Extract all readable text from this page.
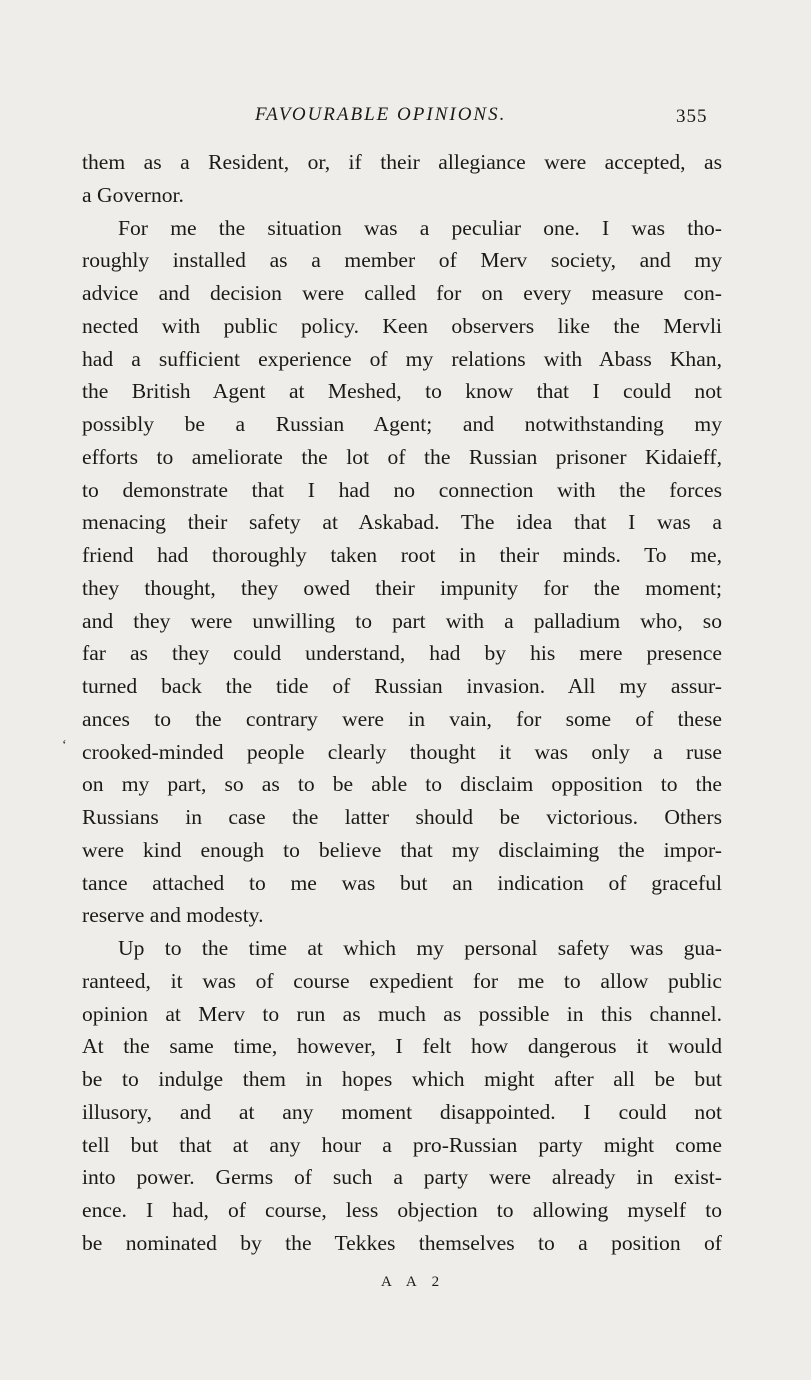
FAVOURABLE OPINIONS.	355
‘
them as a Resident, or, if their allegiance were accepted, as
a Governor.
For me the situation was a peculiar one. I was tho-
roughly installed as a member of Merv society, and my
advice and decision were called for on every measure con-
nected with public policy. Keen observers like the Mervli
had a sufficient experience of my relations with Abass Khan,
the British Agent at Meshed, to know that I could not
possibly be a Russian Agent; and notwithstanding my
efforts to ameliorate the lot of the Russian prisoner Kidaieff,
to demonstrate that I had no connection with the forces
menacing their safety at Askabad. The idea that I was a
friend had thoroughly taken root in their minds. To me,
they thought, they owed their impunity for the moment;
and they were unwilling to part with a palladium who, so
far as they could understand, had by his mere presence
turned back the tide of Russian invasion. All my assur-
ances to the contrary were in vain, for some of these
crooked-minded people clearly thought it was only a ruse
on my part, so as to be able to disclaim opposition to the
Russians in case the latter should be victorious. Others
were kind enough to believe that my disclaiming the impor-
tance attached to me was but an indication of graceful
reserve and modesty.
Up to the time at which my personal safety was gua-
ranteed, it was of course expedient for me to allow public
opinion at Merv to run as much as possible in this channel.
At the same time, however, I felt how dangerous it would
be to indulge them in hopes which might after all be but
illusory, and at any moment disappointed. I could not
tell but that at any hour a pro-Russian party might come
into power. Germs of such a party were already in exist-
ence. I had, of course, less objection to allowing myself to
be nominated by the Tekkes themselves to a position of
A A 2
